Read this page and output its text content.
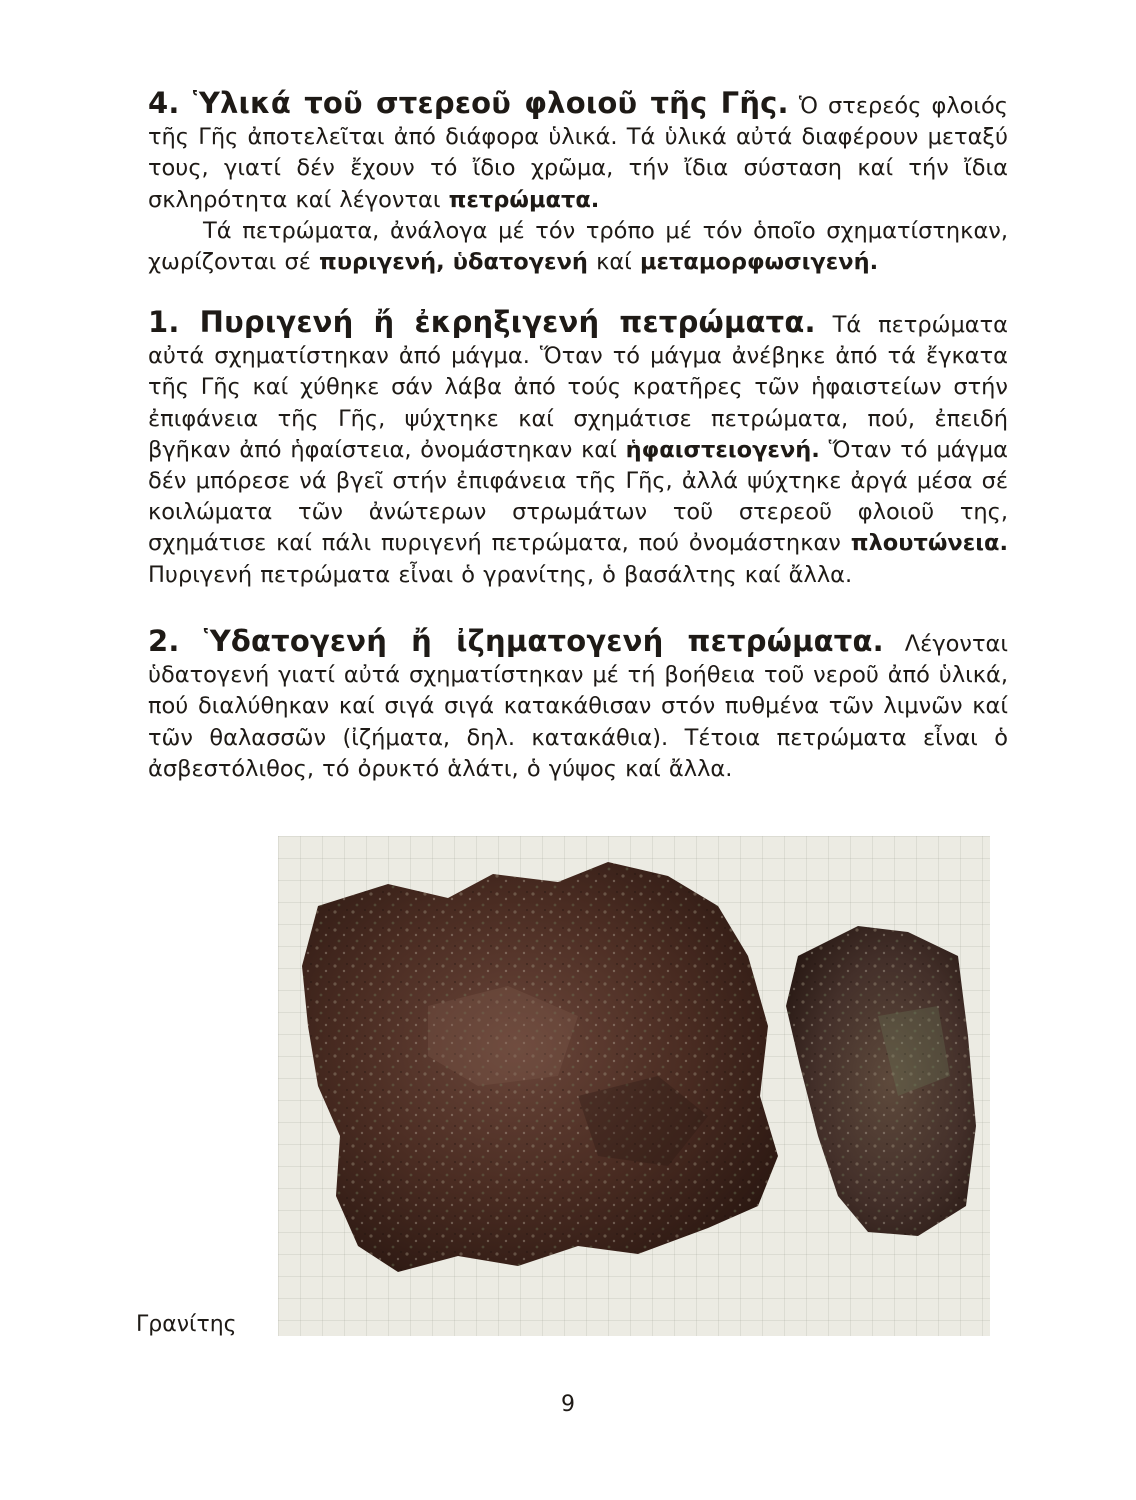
4. Ὑλικά τοῦ στερεοῦ φλοιοῦ τῆς Γῆς. Ὁ στερεός φλοιός τῆς Γῆς ἀποτελεῖται ἀπό διάφορα ὑλικά. Τά ὑλικά αὐτά διαφέρουν μεταξύ τους, γιατί δέν ἔχουν τό ἴδιο χρῶμα, τήν ἴδια σύσταση καί τήν ἴδια σκληρότητα καί λέγονται πετρώματα.

Τά πετρώματα, ἀνάλογα μέ τόν τρόπο μέ τόν ὁποῖο σχηματίστηκαν, χωρίζονται σέ πυριγενή, ὑδατογενή καί μεταμορφωσιγενή.

1. Πυριγενή ἤ ἐκρηξιγενή πετρώματα. Τά πετρώματα αὐτά σχηματίστηκαν ἀπό μάγμα. Ὅταν τό μάγμα ἀνέβηκε ἀπό τά ἔγκατα τῆς Γῆς καί χύθηκε σάν λάβα ἀπό τούς κρατῆρες τῶν ἡφαιστείων στήν ἐπιφάνεια τῆς Γῆς, ψύχτηκε καί σχημάτισε πετρώματα, πού, ἐπειδή βγῆκαν ἀπό ἡφαίστεια, ὀνομάστηκαν καί ἡφαιστειογενή. Ὅταν τό μάγμα δέν μπόρεσε νά βγεῖ στήν ἐπιφάνεια τῆς Γῆς, ἀλλά ψύχτηκε ἀργά μέσα σέ κοιλώματα τῶν ἀνώτερων στρωμάτων τοῦ στερεοῦ φλοιοῦ της, σχημάτισε καί πάλι πυριγενή πετρώματα, πού ὀνομάστηκαν πλουτώνεια. Πυριγενή πετρώματα εἶναι ὁ γρανίτης, ὁ βασάλτης καί ἄλλα.

2. Ὑδατογενή ἤ ἰζηματογενή πετρώματα. Λέγονται ὑδατογενή γιατί αὐτά σχηματίστηκαν μέ τή βοήθεια τοῦ νεροῦ ἀπό ὑλικά, πού διαλύθηκαν καί σιγά σιγά κατακάθισαν στόν πυθμένα τῶν λιμνῶν καί τῶν θαλασσῶν (ἰζήματα, δηλ. κατακάθια). Τέτοια πετρώματα εἶναι ὁ ἀσβεστόλιθος, τό ὀρυκτό ἁλάτι, ὁ γύψος καί ἄλλα.

Γρανίτης
9
